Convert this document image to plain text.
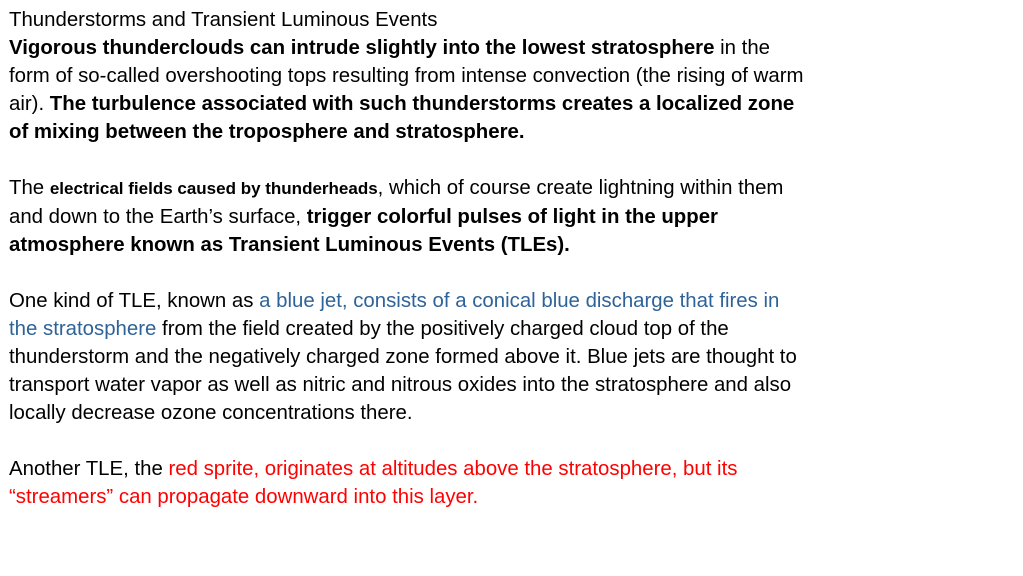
Thunderstorms and Transient Luminous Events

Vigorous thunderclouds can intrude slightly into the lowest stratosphere in the form of so-called overshooting tops resulting from intense convection (the rising of warm air). The turbulence associated with such thunderstorms creates a localized zone of mixing between the troposphere and stratosphere.

The electrical fields caused by thunderheads, which of course create lightning within them and down to the Earth’s surface, trigger colorful pulses of light in the upper atmosphere known as Transient Luminous Events (TLEs).

One kind of TLE, known as a blue jet, consists of a conical blue discharge that fires in the stratosphere from the field created by the positively charged cloud top of the thunderstorm and the negatively charged zone formed above it. Blue jets are thought to transport water vapor as well as nitric and nitrous oxides into the stratosphere and also locally decrease ozone concentrations there.

Another TLE, the red sprite, originates at altitudes above the stratosphere, but its “streamers” can propagate downward into this layer.
